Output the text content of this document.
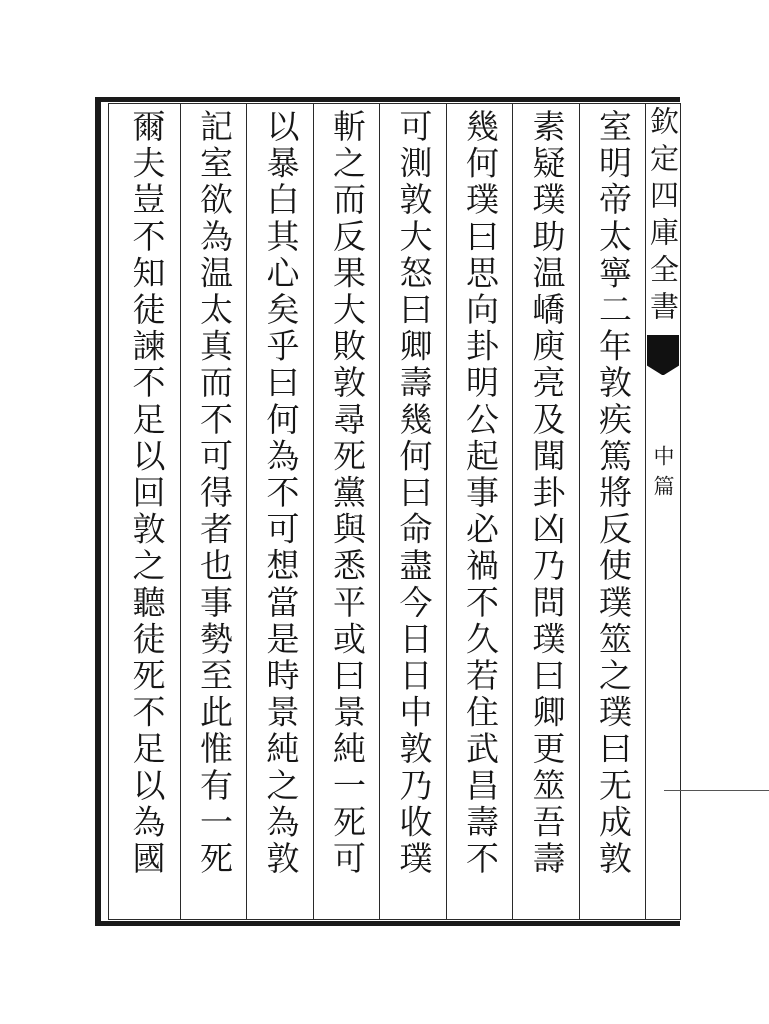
欽定四庫全書
中篇
室明帝太寧二年敦疾篤將反使璞筮之璞曰无成敦
素疑璞助温嶠庾亮及聞卦凶乃問璞曰卿更筮吾壽
幾何璞曰思向卦明公起事必禍不久若住武昌壽不
可測敦大怒曰卿壽幾何曰命盡今日日中敦乃收璞
斬之而反果大敗敦尋死黨與悉平或曰景純一死可
以暴白其心矣乎曰何為不可想當是時景純之為敦
記室欲為温太真而不可得者也事勢至此惟有一死
爾夫豈不知徒諫不足以回敦之聽徒死不足以為國
